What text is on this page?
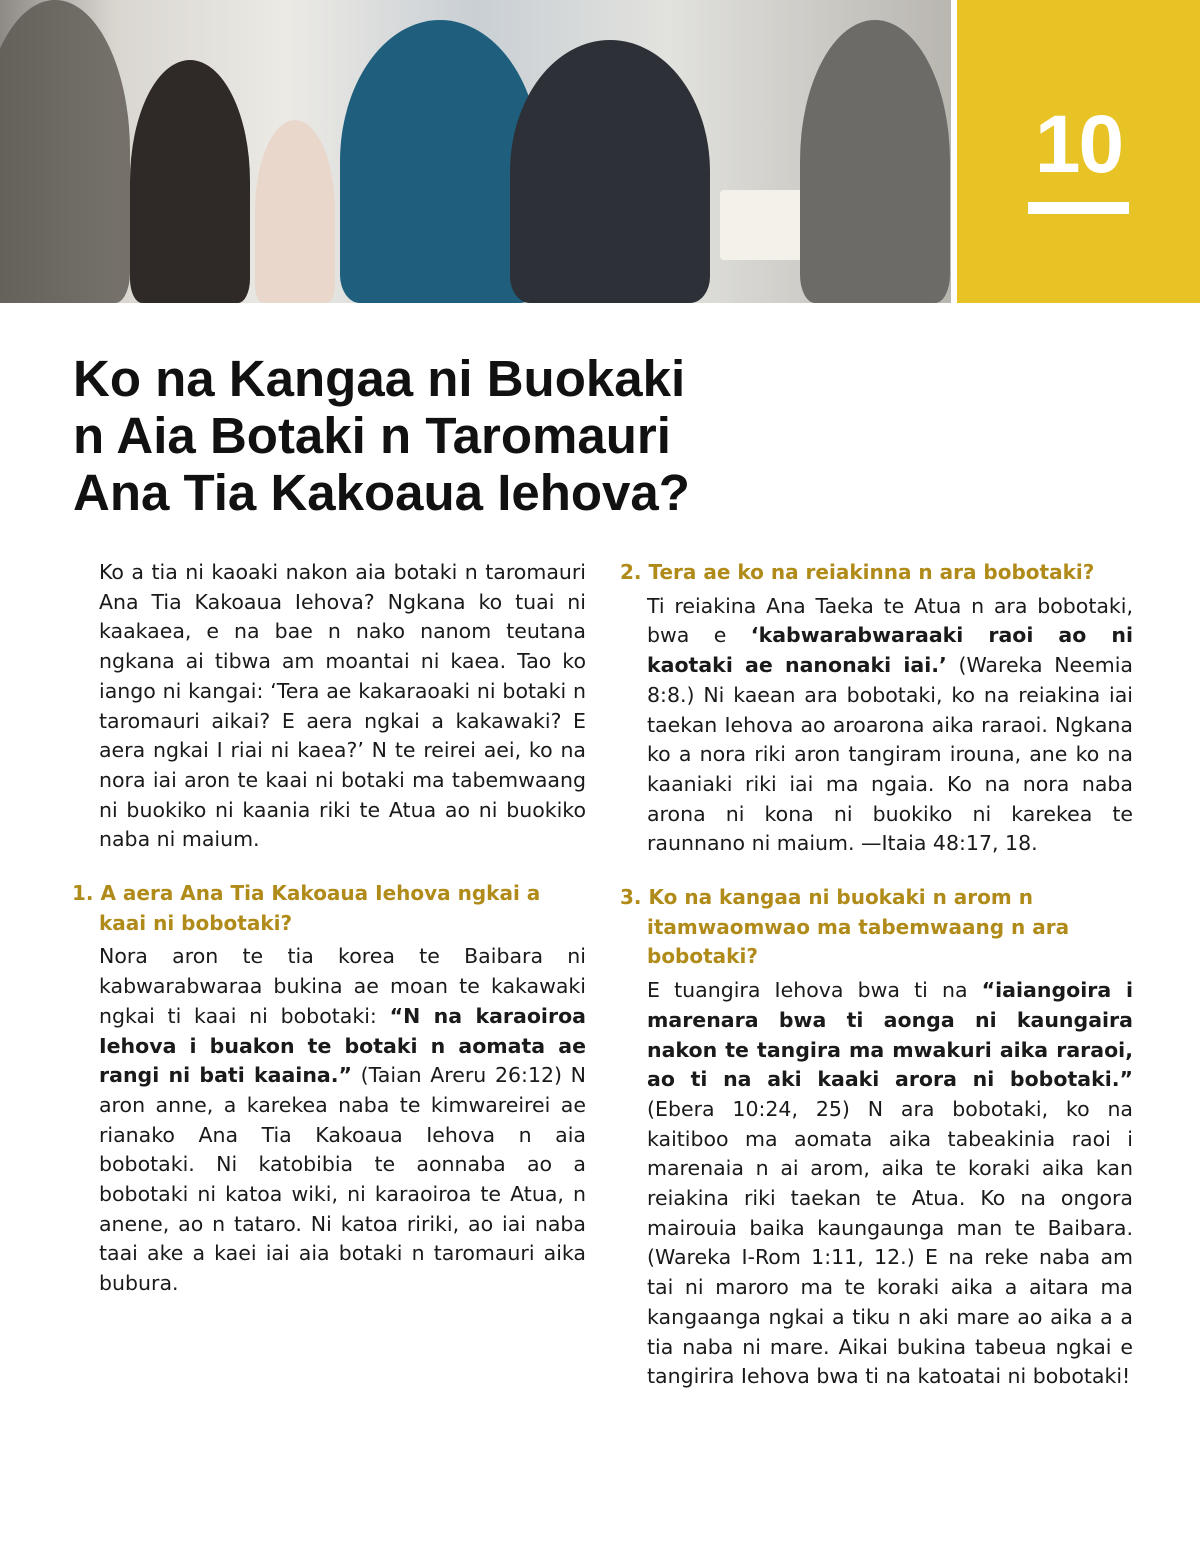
10
Ko na Kangaa ni Buokaki n Aia Botaki n Taromauri Ana Tia Kakoaua Iehova?

Ko a tia ni kaoaki nakon aia botaki n taromauri Ana Tia Kakoaua Iehova? Ngkana ko tuai ni kaakaea, e na bae n nako nanom teutana ngkana ai tibwa am moantai ni kaea. Tao ko iango ni kangai: ‘Tera ae kakaraoaki ni botaki n taromauri aikai? E aera ngkai a kakawaki? E aera ngkai I riai ni kaea?’ N te reirei aei, ko na nora iai aron te kaai ni botaki ma tabemwaang ni buokiko ni kaania riki te Atua ao ni buokiko naba ni maium.

1. A aera Ana Tia Kakoaua Iehova ngkai a kaai ni bobotaki?

Nora aron te tia korea te Baibara ni kabwarabwaraa bukina ae moan te kakawaki ngkai ti kaai ni bobotaki: “N na karaoiroa Iehova i buakon te botaki n aomata ae rangi ni bati kaaina.” (Taian Areru 26:12) N aron anne, a karekea naba te kimwareirei ae rianako Ana Tia Kakoaua Iehova n aia bobotaki. Ni katobibia te aonnaba ao a bobotaki ni katoa wiki, ni karaoiroa te Atua, n anene, ao n tataro. Ni katoa ririki, ao iai naba taai ake a kaei iai aia botaki n taromauri aika bubura.

2. Tera ae ko na reiakinna n ara bobotaki?

Ti reiakina Ana Taeka te Atua n ara bobotaki, bwa e ‘kabwarabwaraaki raoi ao ni kaotaki ae nanonaki iai.’ (Wareka Neemia 8:8.) Ni kaean ara bobotaki, ko na reiakina iai taekan Iehova ao aroarona aika raraoi. Ngkana ko a nora riki aron tangiram irouna, ane ko na kaaniaki riki iai ma ngaia. Ko na nora naba arona ni kona ni buokiko ni karekea te raunnano ni maium. —Itaia 48:17, 18.

3. Ko na kangaa ni buokaki n arom n itamwaomwao ma tabemwaang n ara bobotaki?

E tuangira Iehova bwa ti na “iaiangoira i marenara bwa ti aonga ni kaungaira nakon te tangira ma mwakuri aika raraoi, ao ti na aki kaaki arora ni bobotaki.” (Ebera 10:24, 25) N ara bobotaki, ko na kaitiboo ma aomata aika tabeakinia raoi i marenaia n ai arom, aika te koraki aika kan reiakina riki taekan te Atua. Ko na ongora mairouia baika kaungaunga man te Baibara. (Wareka I-Rom 1:11, 12.) E na reke naba am tai ni maroro ma te koraki aika a aitara ma kangaanga ngkai a tiku n aki mare ao aika a a tia naba ni mare. Aikai bukina tabeua ngkai e tangirira Iehova bwa ti na katoatai ni bobotaki!
